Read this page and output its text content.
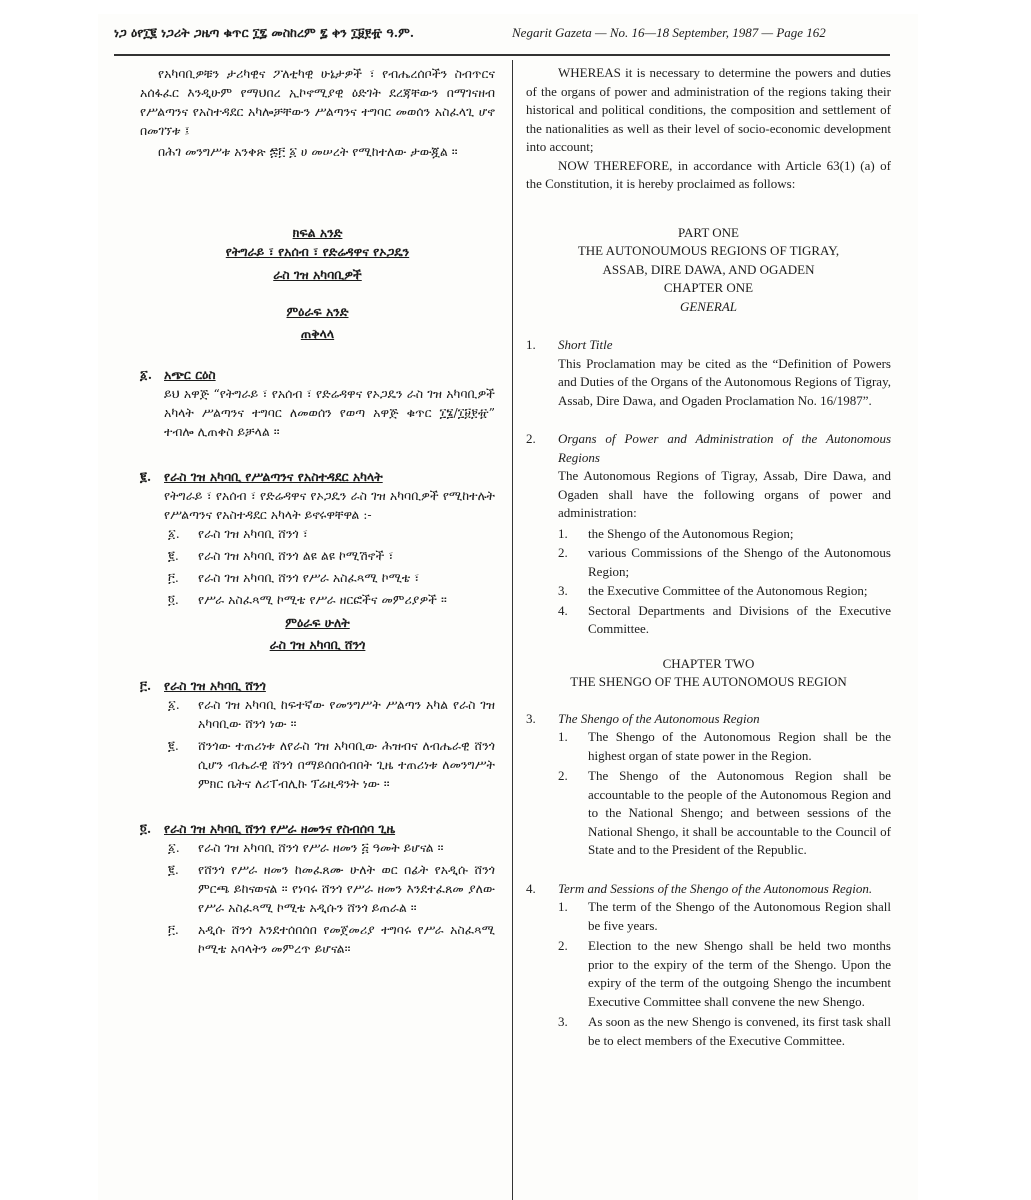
ነጋ ዕየ፲፪ ነጋሪት ጋዜጣ ቁጥር ፲፯ መስከረም ፯ ቀን ፲፱፻፹ ዓ.ም.	Negarit Gazeta — No. 16—18 September, 1987 — Page 162

የአካባቢዎቹን ታሪካዊና ፖለቲካዊ ሁኔታዎች ፣ የብሔረሰቦችን ስብጥርና አሰፋፈር እንዲሁም የማህበረ ኢኮኖሚያዊ ዕድገት ደረጃቸውን በማገናዘብ የሥልጣንና የአስተዳደር አካሎቻቸውን ሥልጣንና ተግባር መወሰን አስፈላጊ ሆኖ በመገኘቱ ፤

በሕገ መንግሥቱ አንቀጽ ፷፫ ፩ ሀ መሠረት የሚከተለው ታውጇል ።

ክፍል አንድ

የትግራይ ፣ የአሰብ ፣ የድሬዳዋና የኦጋዴን

ራስ ገዝ አካባቢዎች

ምዕራፍ አንድ

ጠቅላላ

፩. አጭር ርዕስ

ይህ አዋጅ “የትግራይ ፣ የአሰብ ፣ የድሬዳዋና የኦጋዴን ራስ ገዝ አካባቢዎች አካላት ሥልጣንና ተግባር ለመወሰን የወጣ አዋጅ ቁጥር ፲፮/፲፱፻፹” ተብሎ ሊጠቀስ ይቻላል ።

፪. የራስ ገዝ አካባቢ የሥልጣንና የአስተዳደር አካላት

የትግራይ ፣ የአሰብ ፣ የድሬዳዋና የኦጋዴን ራስ ገዝ አካባቢዎች የሚከተሉት የሥልጣንና የአስተዳደር አካላት ይኖሩዋቸዋል :-

፩. የራስ ገዝ አካባቢ ሸንጎ ፣

፪. የራስ ገዝ አካባቢ ሸንጎ ልዩ ልዩ ኮሚሽኖች ፣

፫. የራስ ገዝ አካባቢ ሸንጎ የሥራ አስፈጻሚ ኮሚቴ ፣

፬. የሥራ አስፈጻሚ ኮሚቴ የሥራ ዘርፎችና መምሪያዎች ።

ምዕራፍ ሁለት

ራስ ገዝ አካባቢ ሸንጎ

፫. የራስ ገዝ አካባቢ ሸንጎ

፩. የራስ ገዝ አካባቢ ከፍተኛው የመንግሥት ሥልጣን አካል የራስ ገዝ አካባቢው ሸንጎ ነው ።

፪. ሸንጎው ተጠሪነቱ ለየራስ ገዝ አካባቢው ሕዝብና ለብሔራዊ ሸንጎ ሲሆን ብሔራዊ ሸንጎ በማይሰበሰብበት ጊዜ ተጠሪነቱ ለመንግሥት ምክር ቤትና ለሪፐብሊኩ ፕሬዚዳንት ነው ።

፬. የራስ ገዝ አካባቢ ሸንጎ የሥራ ዘመንና የስብሰባ ጊዜ

፩. የራስ ገዝ አካባቢ ሸንጎ የሥራ ዘመን ፭ ዓመት ይሆናል ።

፪. የሸንጎ የሥራ ዘመን ከመፈጸሙ ሁለት ወር በፊት የአዲሱ ሸንጎ ምርጫ ይከናወናል ። የነባሩ ሸንጎ የሥራ ዘመን እንደተፈጸመ ያለው የሥራ አስፈጻሚ ኮሚቴ አዲሱን ሸንጎ ይጠራል ።

፫. አዲሱ ሸንጎ እንደተሰበሰበ የመጀመሪያ ተግባሩ የሥራ አስፈጻሚ ኮሚቴ አባላትን መምረጥ ይሆናል።

WHEREAS it is necessary to determine the powers and duties of the organs of power and administration of the regions taking their historical and political conditions, the composition and settlement of the nationalities as well as their level of socio-economic development into account;

NOW THEREFORE, in accordance with Article 63(1) (a) of the Constitution, it is hereby proclaimed as follows:

PART ONE

THE AUTONOUMOUS REGIONS OF TIGRAY,

ASSAB, DIRE DAWA, AND OGADEN

CHAPTER ONE

GENERAL

1. Short Title

This Proclamation may be cited as the “Definition of Powers and Duties of the Organs of the Autonomous Regions of Tigray, Assab, Dire Dawa, and Ogaden Proclamation No. 16/1987”.

2. Organs of Power and Administration of the Autonomous Regions

The Autonomous Regions of Tigray, Assab, Dire Dawa, and Ogaden shall have the following organs of power and administration:

1. the Shengo of the Autonomous Region;

2. various Commissions of the Shengo of the Autonomous Region;

3. the Executive Committee of the Autonomous Region;

4. Sectoral Departments and Divisions of the Executive Committee.

CHAPTER TWO

THE SHENGO OF THE AUTONOMOUS REGION

3. The Shengo of the Autonomous Region

1. The Shengo of the Autonomous Region shall be the highest organ of state power in the Region.

2. The Shengo of the Autonomous Region shall be accountable to the people of the Autonomous Region and to the National Shengo; and between sessions of the National Shengo, it shall be accountable to the Council of State and to the President of the Republic.

4. Term and Sessions of the Shengo of the Autonomous Region.

1. The term of the Shengo of the Autonomous Region shall be five years.

2. Election to the new Shengo shall be held two months prior to the expiry of the term of the Shengo. Upon the expiry of the term of the outgoing Shengo the incumbent Executive Committee shall convene the new Shengo.

3. As soon as the new Shengo is convened, its first task shall be to elect members of the Executive Committee.
